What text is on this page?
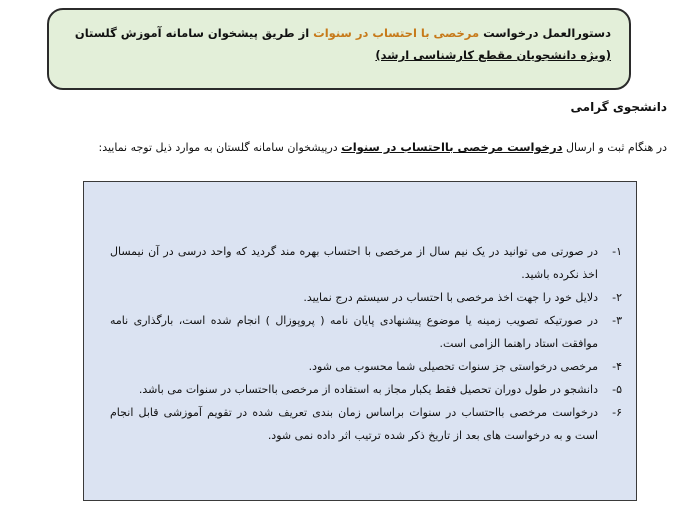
دستورالعمل درخواست مرخصی با احتساب در سنوات از طریق پیشخوان سامانه آموزش گلستان (ویژه دانشجویان مقطع کارشناسی ارشد)
دانشجوی گرامی
در هنگام ثبت و ارسال درخواست مرخصی بااحتساب در سنوات درپیشخوان سامانه گلستان به موارد ذیل توجه نمایید:
۱-
در صورتی می توانید در یک نیم سال از مرخصی با احتساب بهره مند گردید که واحد درسی در آن نیمسال اخذ نکرده باشید.
۲-
دلایل خود را جهت اخذ مرخصی با احتساب در سیستم درج نمایید.
۳-
در صورتیکه تصویب زمینه یا موضوع پیشنهادی پایان نامه ( پروپوزال ) انجام شده است، بارگذاری نامه موافقت استاد راهنما الزامی است.
۴-
مرخصی درخواستی جز سنوات تحصیلی شما محسوب می شود.
۵-
دانشجو در طول دوران تحصیل فقط یکبار مجاز به استفاده از مرخصی بااحتساب در سنوات می باشد.
۶-
درخواست مرخصی بااحتساب در سنوات براساس زمان بندی تعریف شده در تقویم آموزشی قابل انجام است و به درخواست های بعد از تاریخ ذکر شده ترتیب اثر داده نمی شود.
